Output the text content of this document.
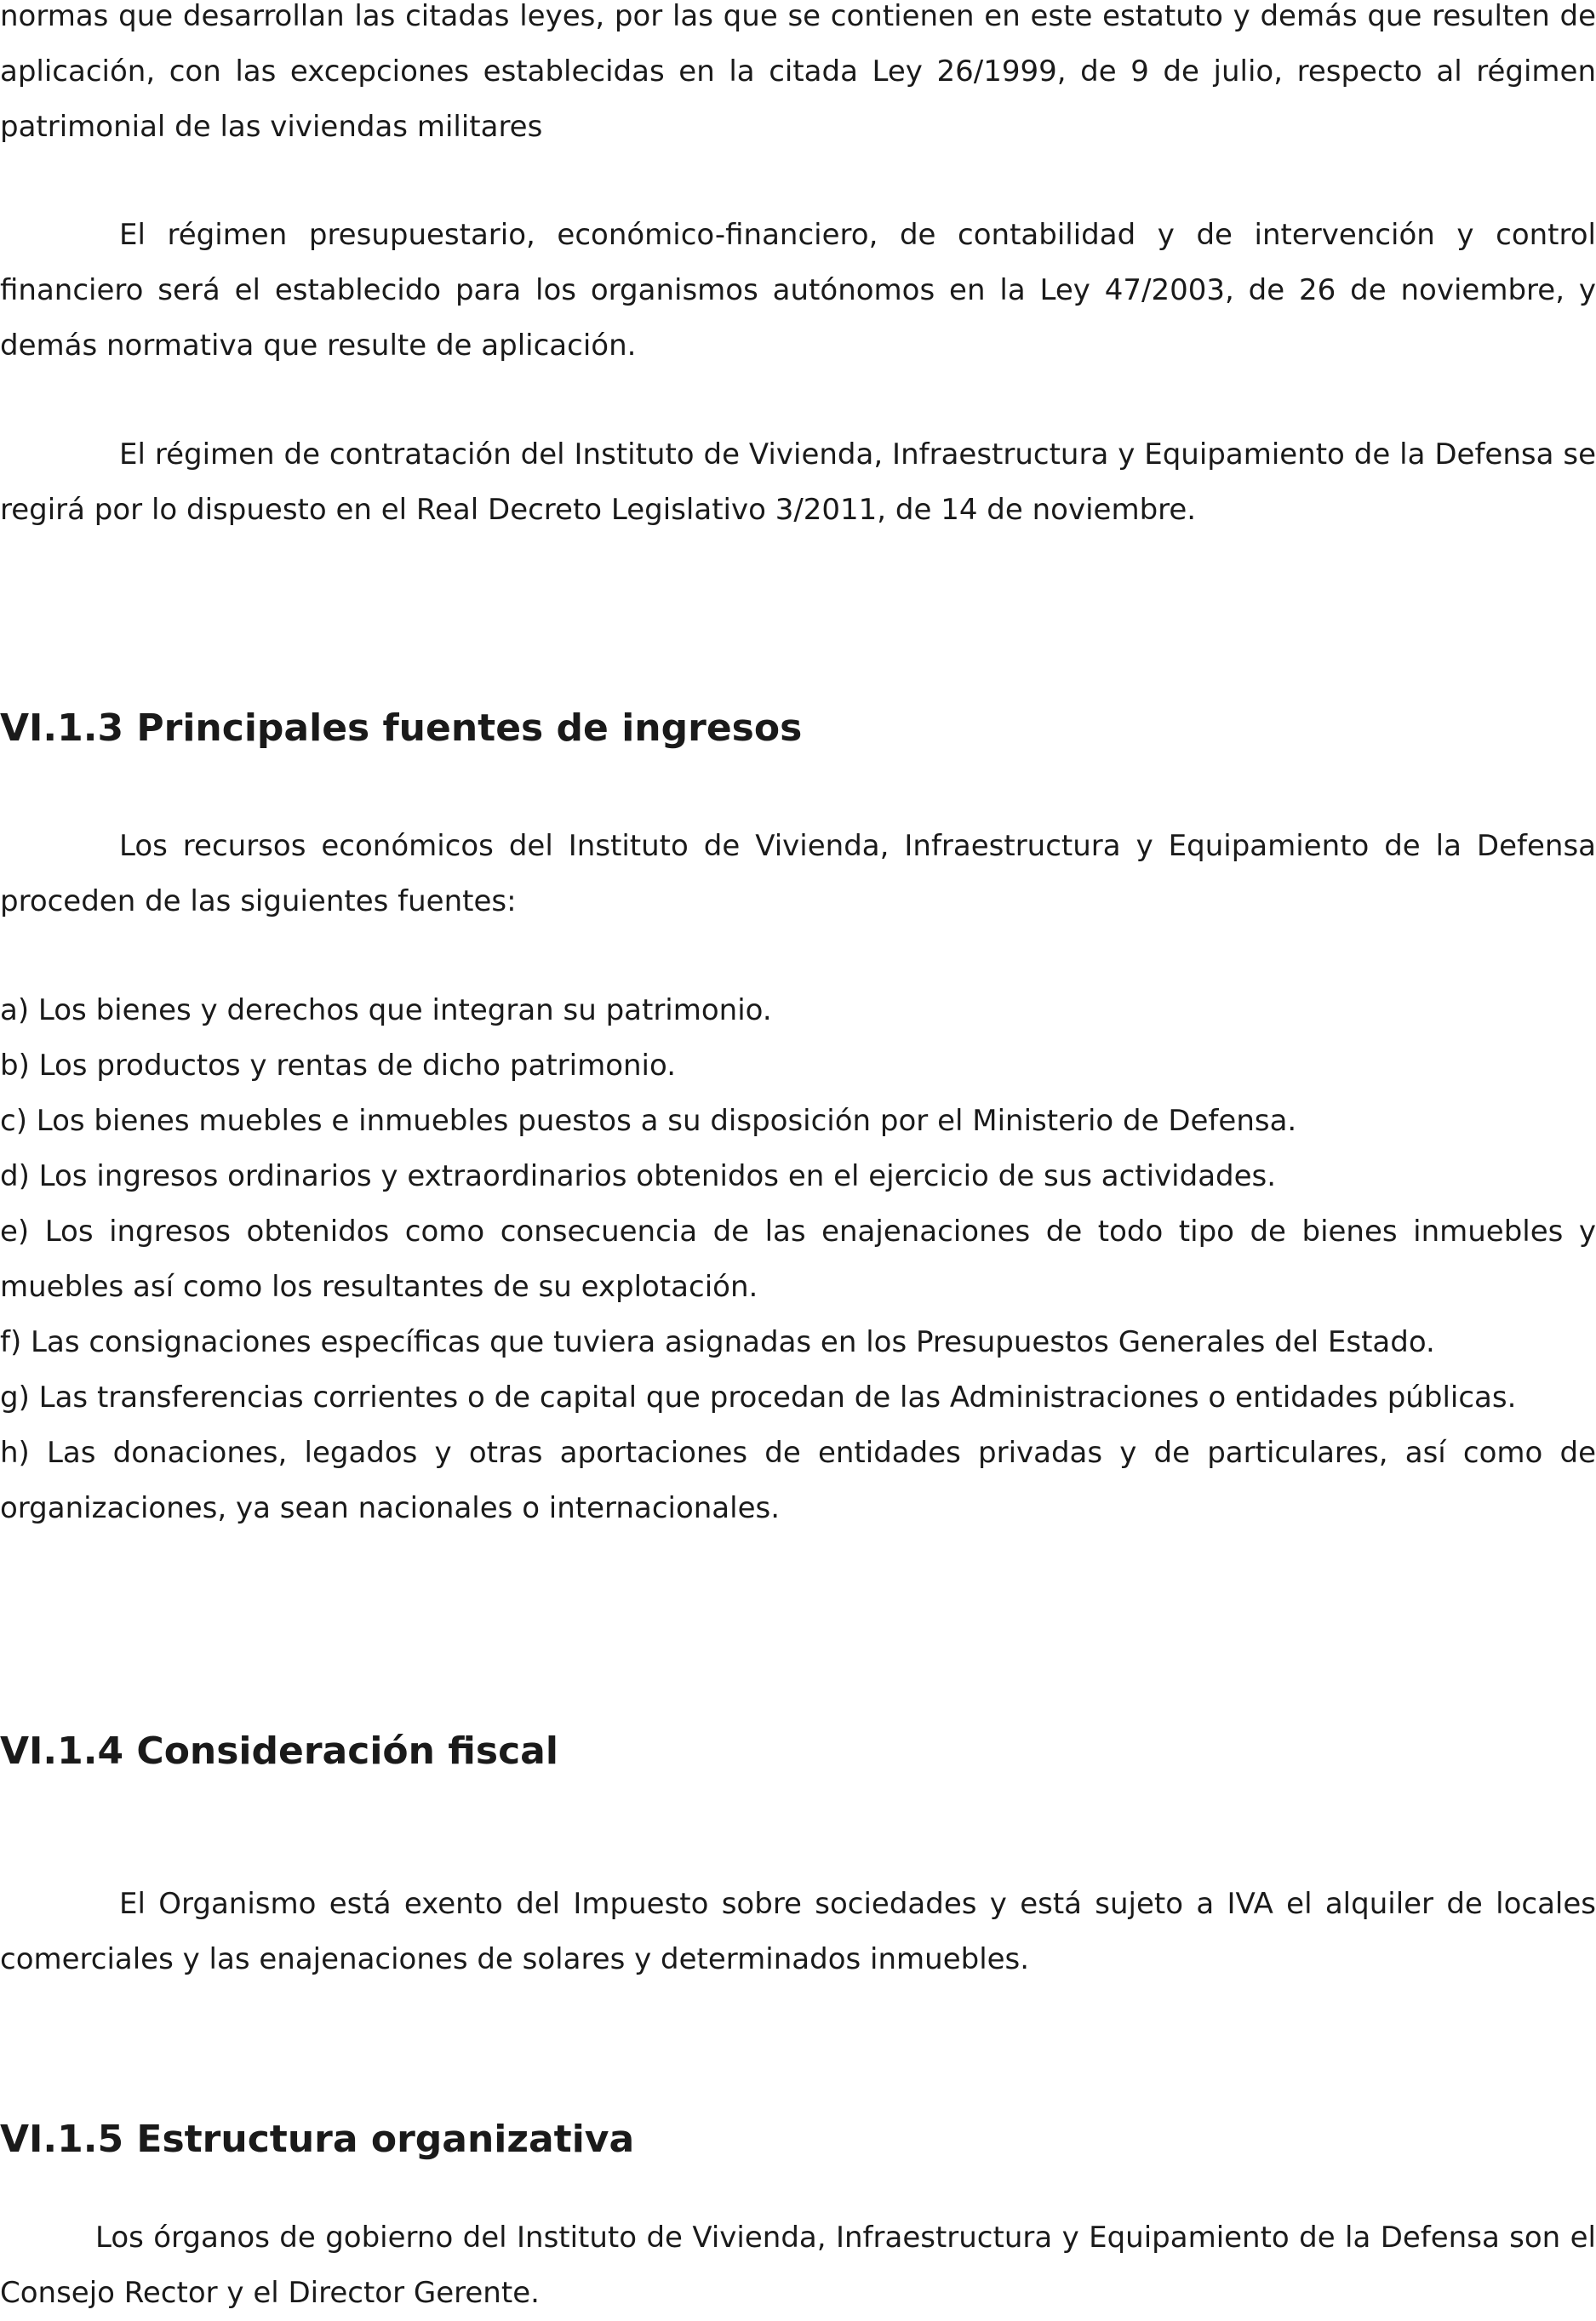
normas que desarrollan las citadas leyes, por las que se contienen en este estatuto y demás que resulten de aplicación, con las excepciones establecidas en la citada Ley 26/1999, de 9 de julio, respecto al régimen patrimonial de las viviendas militares

El régimen presupuestario, económico-financiero, de contabilidad y de intervención y control financiero será el establecido para los organismos autónomos en la Ley 47/2003, de 26 de noviembre, y demás normativa que resulte de aplicación.

El régimen de contratación del Instituto de Vivienda, Infraestructura y Equipamiento de la Defensa se regirá por lo dispuesto en el Real Decreto Legislativo 3/2011, de 14 de noviembre.

VI.1.3 Principales fuentes de ingresos

Los recursos económicos del Instituto de Vivienda, Infraestructura y Equipamiento de la Defensa proceden de las siguientes fuentes:

a) Los bienes y derechos que integran su patrimonio.

b) Los productos y rentas de dicho patrimonio.

c) Los bienes muebles e inmuebles puestos a su disposición por el Ministerio de Defensa.

d) Los ingresos ordinarios y extraordinarios obtenidos en el ejercicio de sus actividades.

e) Los ingresos obtenidos como consecuencia de las enajenaciones de todo tipo de bienes inmuebles y muebles así como los resultantes de su explotación.

f) Las consignaciones específicas que tuviera asignadas en los Presupuestos Generales del Estado.

g) Las transferencias corrientes o de capital que procedan de las Administraciones o entidades públicas.

h) Las donaciones, legados y otras aportaciones de entidades privadas y de particulares, así como de organizaciones, ya sean nacionales o internacionales.

VI.1.4 Consideración fiscal

El Organismo está exento del Impuesto sobre sociedades y está sujeto a IVA el alquiler de locales comerciales y las enajenaciones de solares y determinados inmuebles.

VI.1.5 Estructura organizativa

Los órganos de gobierno del Instituto de Vivienda, Infraestructura y Equipamiento de la Defensa son el Consejo Rector y el Director Gerente.
